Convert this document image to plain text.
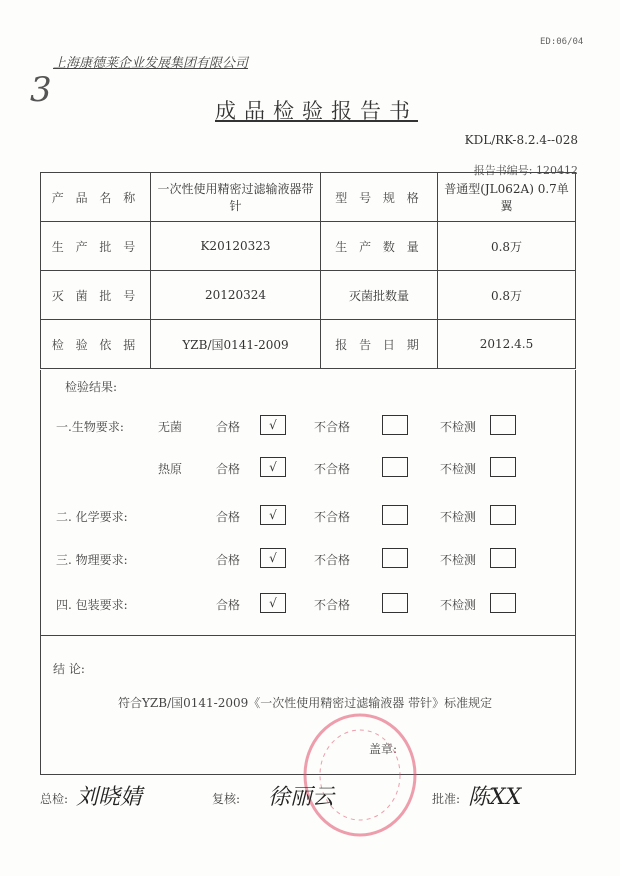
ED:06/04
3
上海康德莱企业发展集团有限公司
成品检验报告书
KDL/RK-8.2.4--028
报告书编号: 120412
产 品 名 称	一次性使用精密过滤输液器带针	型 号 规 格	普通型(JL062A) 0.7单翼
生 产 批 号	K20120323	生 产 数 量	0.8万
灭 菌 批 号	20120324	灭菌批数量	0.8万
检 验 依 据	YZB/国0141-2009	报 告 日 期	2012.4.5
检验结果:
一.生物要求:	无菌	合格	√	不合格	不检测
热原	合格	√	不合格	不检测
二. 化学要求:	合格	√	不合格	不检测
三. 物理要求:	合格	√	不合格	不检测
四. 包装要求:	合格	√	不合格	不检测
结 论:
符合YZB/国0141-2009《一次性使用精密过滤输液器 带针》标准规定
盖章:
总检: 刘晓婧	复核: 徐丽云	批准: 陈XX
